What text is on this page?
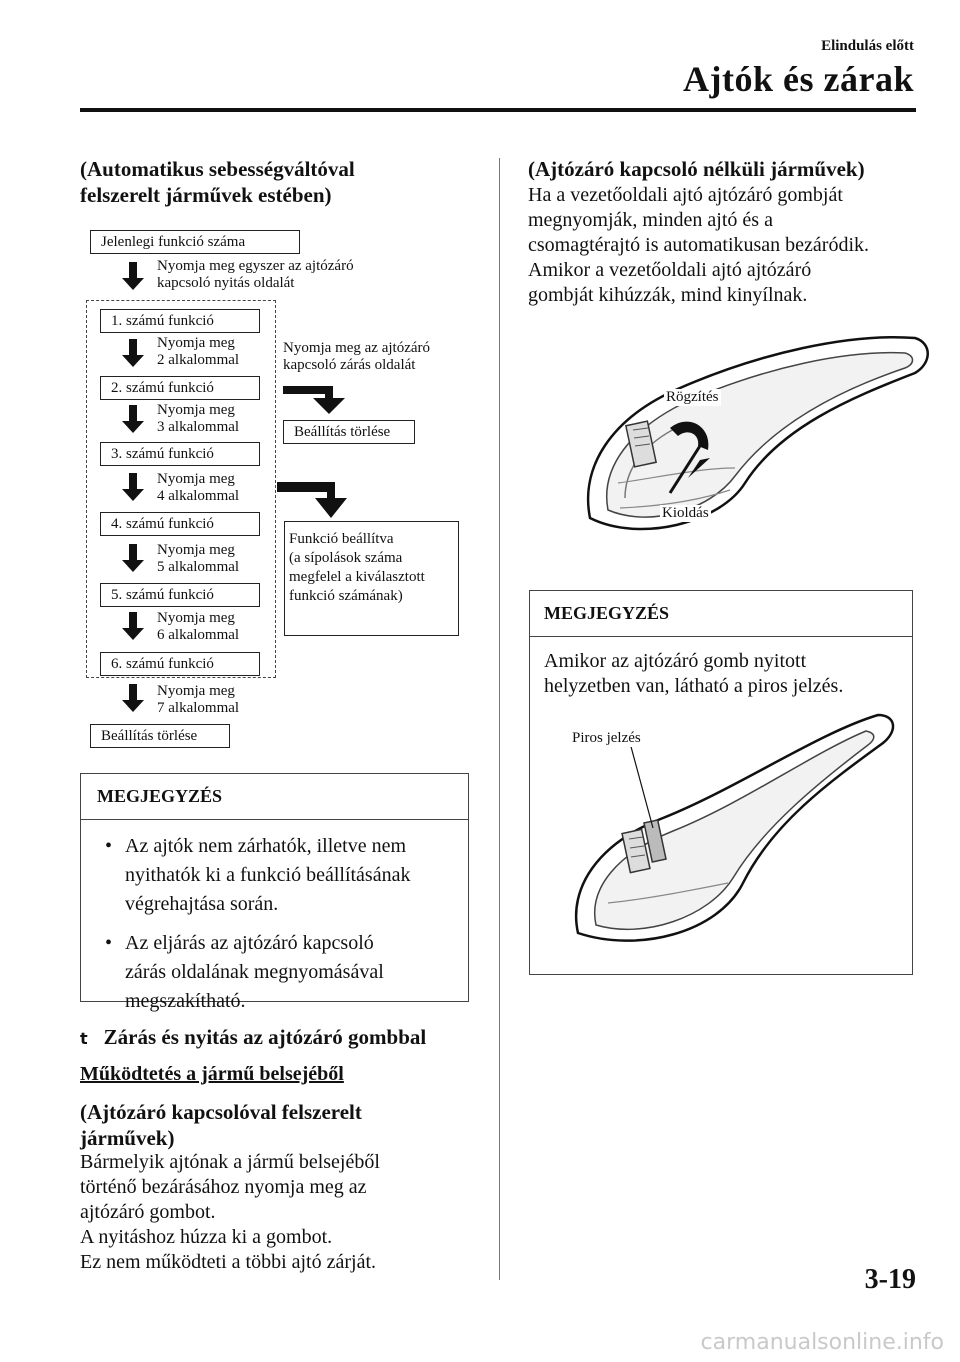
Elindulás előtt
Ajtók és zárak
(Automatikus sebességváltóval
felszerelt járművek estében)
Jelenlegi funkció száma
Nyomja meg egyszer az ajtózáró
kapcsoló nyitás oldalát
1. számú funkció
2. számú funkció
3. számú funkció
4. számú funkció
5. számú funkció
6. számú funkció
Nyomja meg
2 alkalommal
Nyomja meg
3 alkalommal
Nyomja meg
4 alkalommal
Nyomja meg
5 alkalommal
Nyomja meg
6 alkalommal
Nyomja meg
7 alkalommal
Beállítás törlése
Nyomja meg az ajtózáró
kapcsoló zárás oldalát
Beállítás törlése
Funkció beállítva
(a sípolások száma
megfelel a kiválasztott
funkció számának)
MEGJEGYZÉS
• Az ajtók nem zárhatók, illetve nem
nyithatók ki a funkció beállításának
végrehajtása során.
• Az eljárás az ajtózáró kapcsoló
zárás oldalának megnyomásával
megszakítható.
t Zárás és nyitás az ajtózáró gombbal
Működtetés a jármű belsejéből
(Ajtózáró kapcsolóval felszerelt
járművek)
Bármelyik ajtónak a jármű belsejéből
történő bezárásához nyomja meg az
ajtózáró gombot.
A nyitáshoz húzza ki a gombot.
Ez nem működteti a többi ajtó zárját.
(Ajtózáró kapcsoló nélküli járművek)
Ha a vezetőoldali ajtó ajtózáró gombját
megnyomják, minden ajtó és a
csomagtérajtó is automatikusan bezáródik.
Amikor a vezetőoldali ajtó ajtózáró
gombját kihúzzák, mind kinyílnak.
Rögzítés
Kioldás
MEGJEGYZÉS
Amikor az ajtózáró gomb nyitott
helyzetben van, látható a piros jelzés.
Piros jelzés
3-19
carmanualsonline.info
